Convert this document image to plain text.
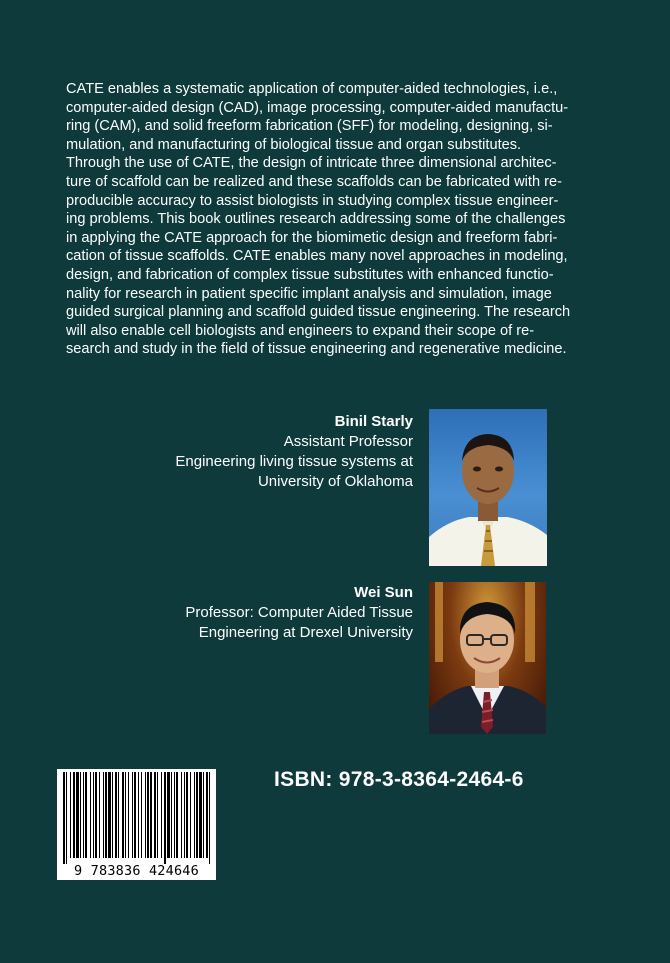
CATE enables a systematic application of computer-aided technologies, i.e.,
computer-aided design (CAD), image processing, computer-aided manufactu-
ring (CAM), and solid freeform fabrication (SFF) for modeling, designing, si-
mulation, and manufacturing of biological tissue and organ substitutes.
Through the use of CATE, the design of intricate three dimensional architec-
ture of scaffold can be realized and these scaffolds can be fabricated with re-
producible accuracy to assist biologists in studying complex tissue engineer-
ing problems. This book outlines research addressing some of the challenges
in applying the CATE approach for the biomimetic design and freeform fabri-
cation of tissue scaffolds. CATE enables many novel approaches in modeling,
design, and fabrication of complex tissue substitutes with enhanced functio-
nality for research in patient specific implant analysis and simulation, image
guided surgical planning and scaffold guided tissue engineering. The research
will also enable cell biologists and engineers to expand their scope of re-
search and study in the field of tissue engineering and regenerative medicine.

Binil Starly
Assistant Professor
Engineering living tissue systems at
University of Oklahoma
Wei Sun
Professor: Computer Aided Tissue
Engineering at Drexel University
9 783836 424646

ISBN: 978-3-8364-2464-6
